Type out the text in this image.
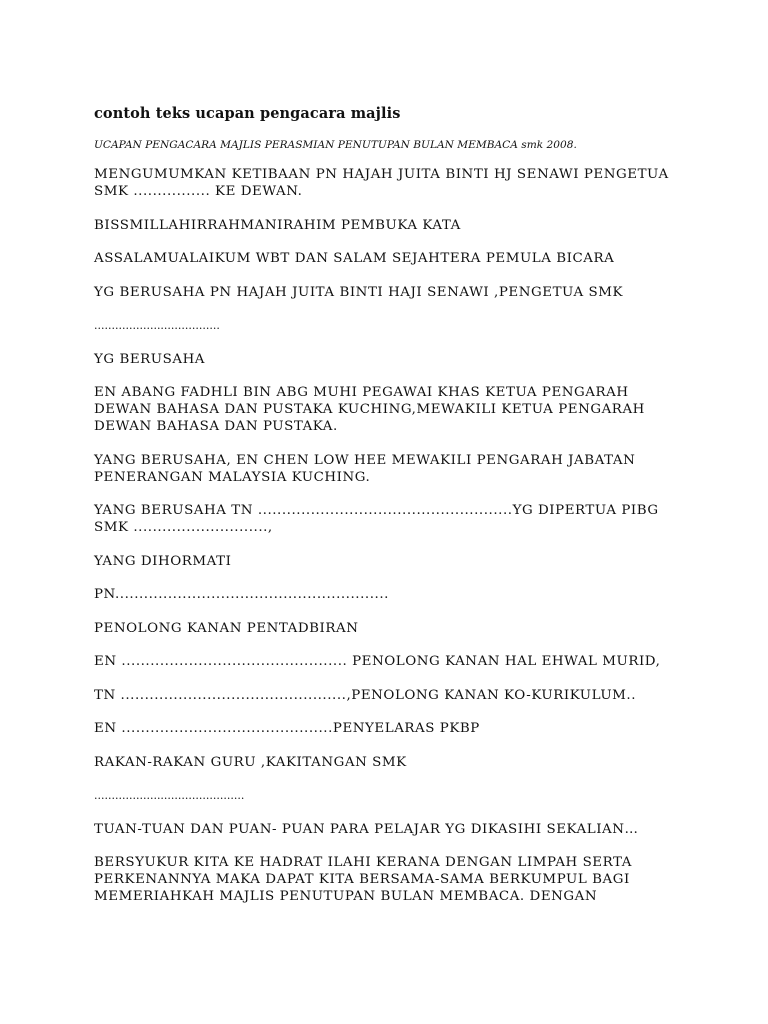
contoh teks ucapan pengacara majlis
UCAPAN PENGACARA MAJLIS PERASMIAN PENUTUPAN BULAN MEMBACA smk 2008.
MENGUMUMKAN KETIBAAN PN HAJAH JUITA BINTI HJ SENAWI PENGETUA SMK ................ KE DEWAN.
BISSMILLAHIRRAHMANIRAHIM PEMBUKA KATA
ASSALAMUALAIKUM WBT DAN SALAM SEJAHTERA PEMULA BICARA
YG BERUSAHA PN HAJAH JUITA BINTI HAJI SENAWI ,PENGETUA SMK
....................................
YG BERUSAHA
EN ABANG FADHLI BIN ABG MUHI PEGAWAI KHAS KETUA PENGARAH DEWAN BAHASA DAN PUSTAKA KUCHING,MEWAKILI KETUA PENGARAH DEWAN BAHASA DAN PUSTAKA.
YANG BERUSAHA, EN CHEN LOW HEE MEWAKILI PENGARAH JABATAN PENERANGAN MALAYSIA KUCHING.
YANG BERUSAHA TN .....................................................YG DIPERTUA PIBG SMK ............................,
YANG DIHORMATI
PN.........................................................
PENOLONG KANAN PENTADBIRAN
EN ............................................... PENOLONG KANAN HAL EHWAL MURID,
TN ...............................................,PENOLONG KANAN KO-KURIKULUM..
EN ............................................PENYELARAS PKBP
RAKAN-RAKAN GURU ,KAKITANGAN SMK
...........................................
TUAN-TUAN DAN PUAN- PUAN PARA PELAJAR YG DIKASIHI SEKALIAN…
BERSYUKUR KITA KE HADRAT ILAHI KERANA DENGAN LIMPAH SERTA PERKENANNYA MAKA DAPAT KITA BERSAMA-SAMA BERKUMPUL BAGI MEMERIAHKAH MAJLIS PENUTUPAN BULAN MEMBACA. DENGAN
